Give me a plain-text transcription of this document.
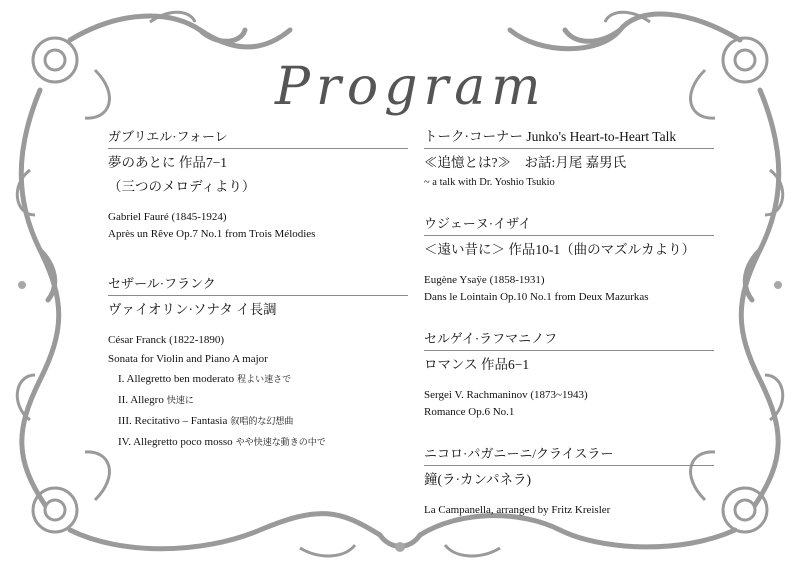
Program
ガブリエル·フォーレ
夢のあとに 作品7−1
（三つのメロディより）
Gabriel Fauré (1845-1924)
Après un Rêve Op.7 No.1 from Trois Mélodies
セザール·フランク
ヴァイオリン·ソナタ イ長調
César Franck (1822-1890)
Sonata for Violin and Piano A major
I. Allegretto ben moderato 程よい速さで
II. Allegro 快速に
III. Recitativo – Fantasia 叙唱的な幻想曲
IV. Allegretto poco mosso やや快速な動きの中で
トーク·コーナー Junko's Heart-to-Heart Talk
≪追憶とは?≫　お話:月尾 嘉男氏
~ a talk with Dr. Yoshio Tsukio
ウジェーヌ·イザイ
＜遠い昔に＞ 作品10-1（曲のマズルカより）
Eugène Ysaÿe (1858-1931)
Dans le Lointain Op.10 No.1 from Deux Mazurkas
セルゲイ·ラフマニノフ
ロマンス 作品6−1
Sergei V. Rachmaninov (1873~1943)
Romance Op.6 No.1
ニコロ·パガニーニ/クライスラー
鐘(ラ·カンパネラ)
La Campanella, arranged by Fritz Kreisler
